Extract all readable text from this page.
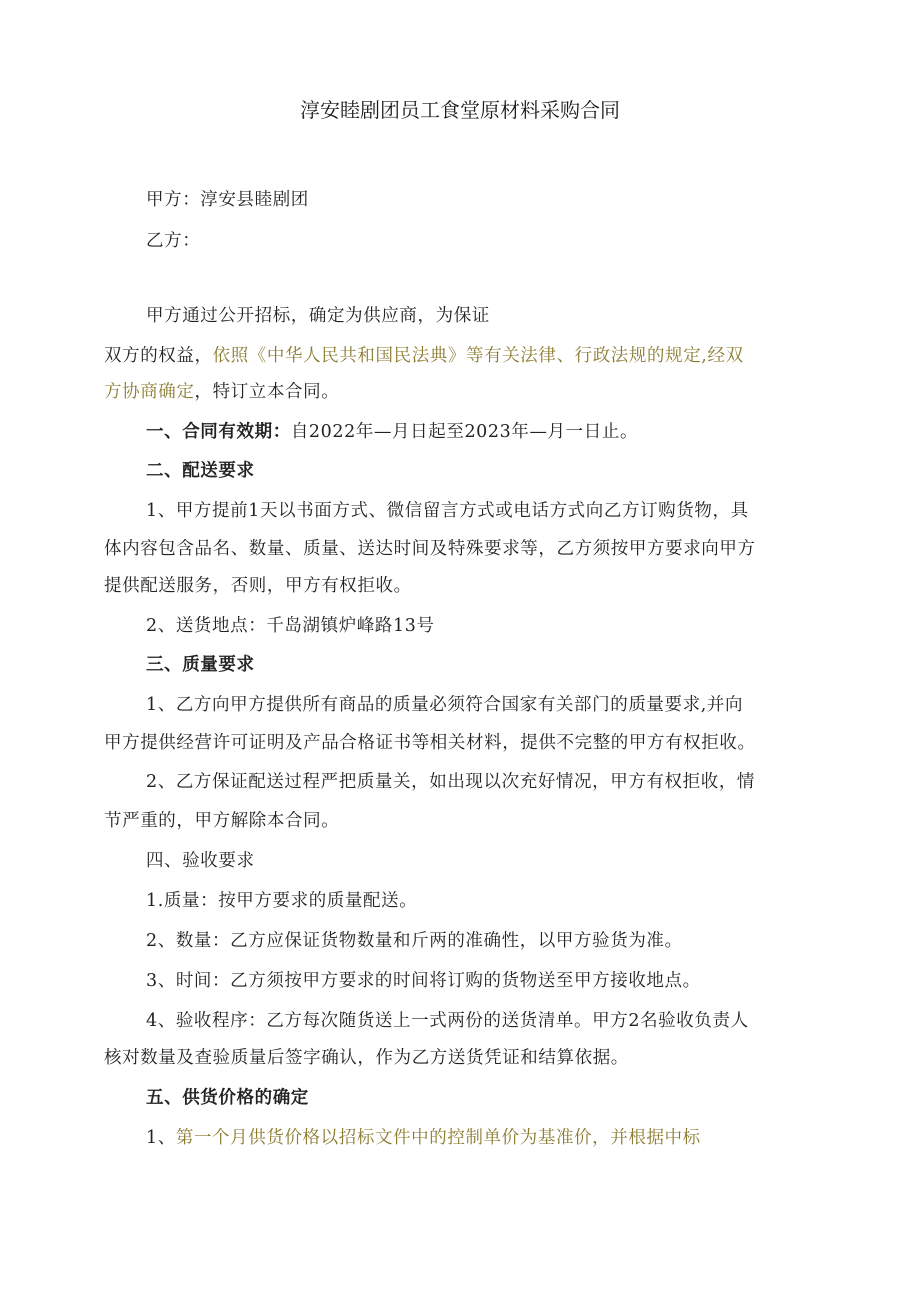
淳安睦剧团员工食堂原材料采购合同

甲方：淳安县睦剧团

乙方：

甲方通过公开招标，确定为供应商，为保证

双方的权益，依照《中华人民共和国民法典》等有关法律、行政法规的规定,经双

方协商确定，特订立本合同。

一、合同有效期：自2022年—月日起至2023年—月一日止。

二、配送要求

1、甲方提前1天以书面方式、微信留言方式或电话方式向乙方订购货物，具

体内容包含品名、数量、质量、送达时间及特殊要求等，乙方须按甲方要求向甲方

提供配送服务，否则，甲方有权拒收。

2、送货地点：千岛湖镇炉峰路13号

三、质量要求

1、乙方向甲方提供所有商品的质量必须符合国家有关部门的质量要求,并向

甲方提供经营许可证明及产品合格证书等相关材料，提供不完整的甲方有权拒收。

2、乙方保证配送过程严把质量关，如出现以次充好情况，甲方有权拒收，情

节严重的，甲方解除本合同。

四、验收要求

1.质量：按甲方要求的质量配送。

2、数量：乙方应保证货物数量和斤两的准确性，以甲方验货为准。

3、时间：乙方须按甲方要求的时间将订购的货物送至甲方接收地点。

4、验收程序：乙方每次随货送上一式两份的送货清单。甲方2名验收负责人

核对数量及查验质量后签字确认，作为乙方送货凭证和结算依据。

五、供货价格的确定

1、第一个月供货价格以招标文件中的控制单价为基准价，并根据中标
